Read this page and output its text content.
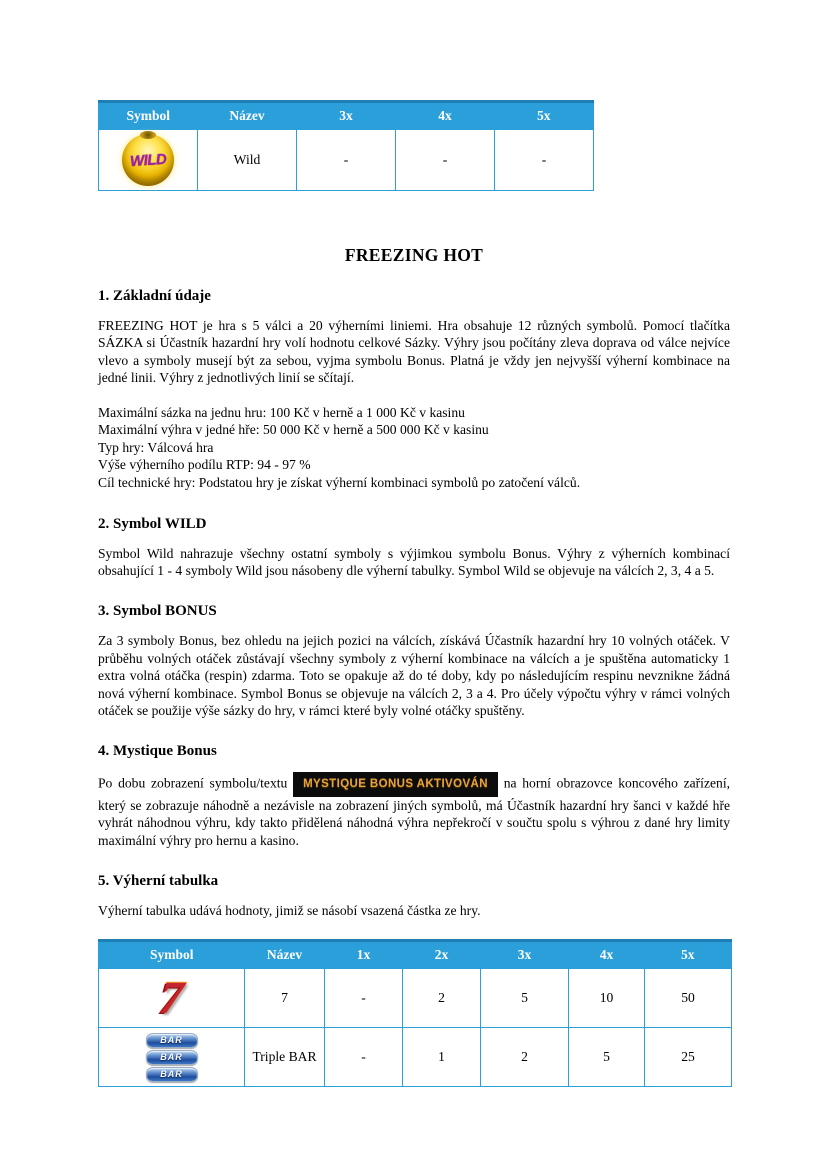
Symbol	Název	3x	4x	5x

WILD	Wild	-	-	-
FREEZING HOT
1. Základní údaje
FREEZING HOT je hra s 5 válci a 20 výherními liniemi. Hra obsahuje 12 různých symbolů. Pomocí tlačítka SÁZKA si Účastník hazardní hry volí hodnotu celkové Sázky. Výhry jsou počítány zleva doprava od válce nejvíce vlevo a symboly musejí být za sebou, vyjma symbolu Bonus. Platná je vždy jen nejvyšší výherní kombinace na jedné linii. Výhry z jednotlivých linií se sčítají.
Maximální sázka na jednu hru: 100 Kč v herně a 1 000 Kč v kasinu
Maximální výhra v jedné hře: 50 000 Kč v herně a 500 000 Kč v kasinu
Typ hry: Válcová hra
Výše výherního podílu RTP: 94 - 97 %
Cíl technické hry: Podstatou hry je získat výherní kombinaci symbolů po zatočení válců.
2. Symbol WILD
Symbol Wild nahrazuje všechny ostatní symboly s výjimkou symbolu Bonus. Výhry z výherních kombinací obsahující 1 - 4 symboly Wild jsou násobeny dle výherní tabulky. Symbol Wild se objevuje na válcích 2, 3, 4 a 5.
3. Symbol BONUS
Za 3 symboly Bonus, bez ohledu na jejich pozici na válcích, získává Účastník hazardní hry 10 volných otáček. V průběhu volných otáček zůstávají všechny symboly z výherní kombinace na válcích a je spuštěna automaticky 1 extra volná otáčka (respin) zdarma. Toto se opakuje až do té doby, kdy po následujícím respinu nevznikne žádná nová výherní kombinace. Symbol Bonus se objevuje na válcích 2, 3 a 4. Pro účely výpočtu výhry v rámci volných otáček se použije výše sázky do hry, v rámci které byly volné otáčky spuštěny.
4. Mystique Bonus
Po dobu zobrazení symbolu/textu MYSTIQUE BONUS AKTIVOVÁN na horní obrazovce koncového zařízení, který se zobrazuje náhodně a nezávisle na zobrazení jiných symbolů, má Účastník hazardní hry šanci v každé hře vyhrát náhodnou výhru, kdy takto přidělená náhodná výhra nepřekročí v součtu spolu s výhrou z dané hry limity maximální výhry pro hernu a kasino.
5. Výherní tabulka
Výherní tabulka udává hodnoty, jimiž se násobí vsazená částka ze hry.
Symbol	Název	1x	2x	3x	4x	5x

7	7	-	2	5	10	50

BAR
BAR
BAR	Triple BAR	-	1	2	5	25
